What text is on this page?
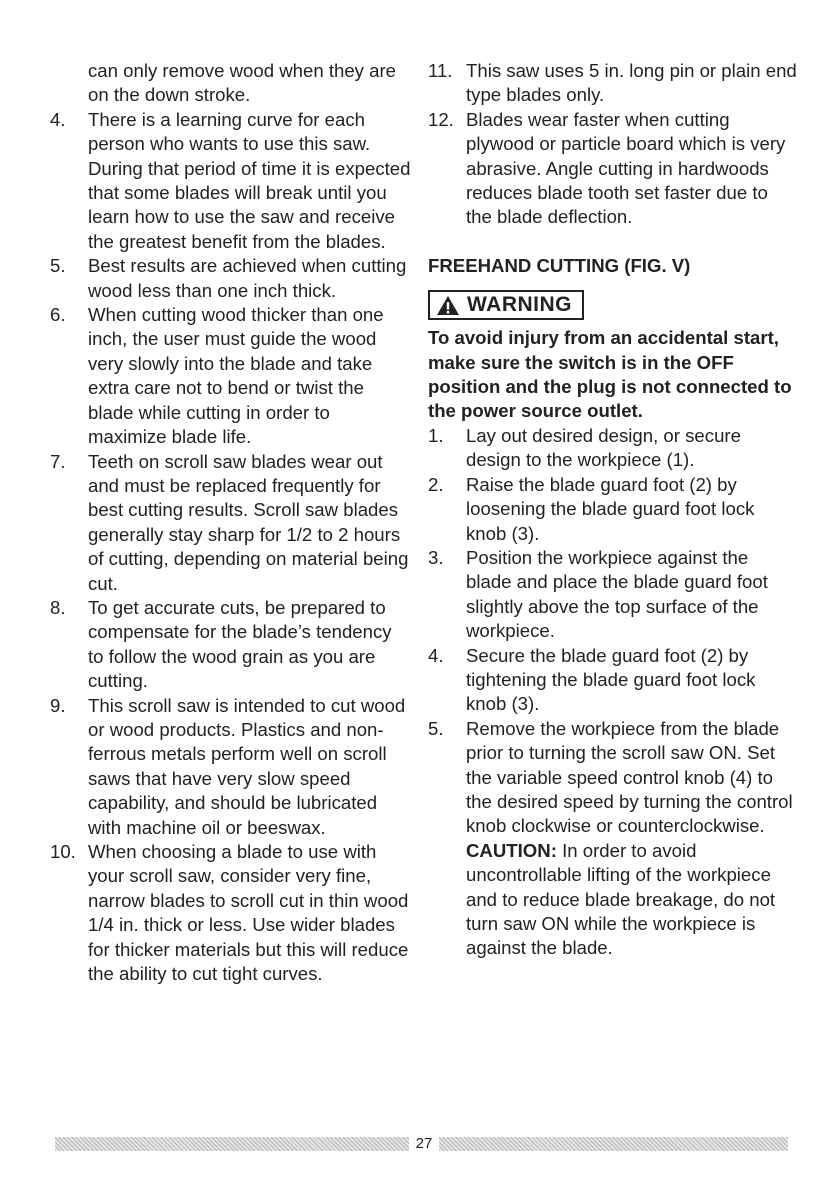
can only remove wood when they are on the down stroke.
4. There is a learning curve for each person who wants to use this saw. During that period of time it is expected that some blades will break until you learn how to use the saw and receive the greatest benefit from the blades.
5. Best results are achieved when cutting wood less than one inch thick.
6. When cutting wood thicker than one inch, the user must guide the wood very slowly into the blade and take extra care not to bend or twist the blade while cutting in order to maximize blade life.
7. Teeth on scroll saw blades wear out and must be replaced frequently for best cutting results. Scroll saw blades generally stay sharp for 1/2 to 2 hours of cutting, depending on material being cut.
8. To get accurate cuts, be prepared to compensate for the blade’s tendency to follow the wood grain as you are cutting.
9. This scroll saw is intended to cut wood or wood products. Plastics and non-ferrous metals perform well on scroll saws that have very slow speed capability, and should be lubricated with machine oil or beeswax.
10. When choosing a blade to use with your scroll saw, consider very fine, narrow blades to scroll cut in thin wood 1/4 in. thick or less. Use wider blades for thicker materials but this will reduce the ability to cut tight curves.
11. This saw uses 5 in. long pin or plain end type blades only.
12. Blades wear faster when cutting plywood or particle board which is very abrasive. Angle cutting in hardwoods reduces blade tooth set faster due to the blade deflection.
FREEHAND CUTTING (FIG. V)
WARNING
To avoid injury from an accidental start, make sure the switch is in the OFF position and the plug is not connected to the power source outlet.
1. Lay out desired design, or secure design to the workpiece (1).
2. Raise the blade guard foot (2) by loosening the blade guard foot lock knob (3).
3. Position the workpiece against the blade and place the blade guard foot slightly above the top surface of the workpiece.
4. Secure the blade guard foot (2) by tightening the blade guard foot lock knob (3).
5. Remove the workpiece from the blade prior to turning the scroll saw ON. Set the variable speed control knob (4) to the desired speed by turning the control knob clockwise or counterclockwise.
CAUTION: In order to avoid uncontrollable lifting of the workpiece and to reduce blade breakage, do not turn saw ON while the workpiece is against the blade.
27
